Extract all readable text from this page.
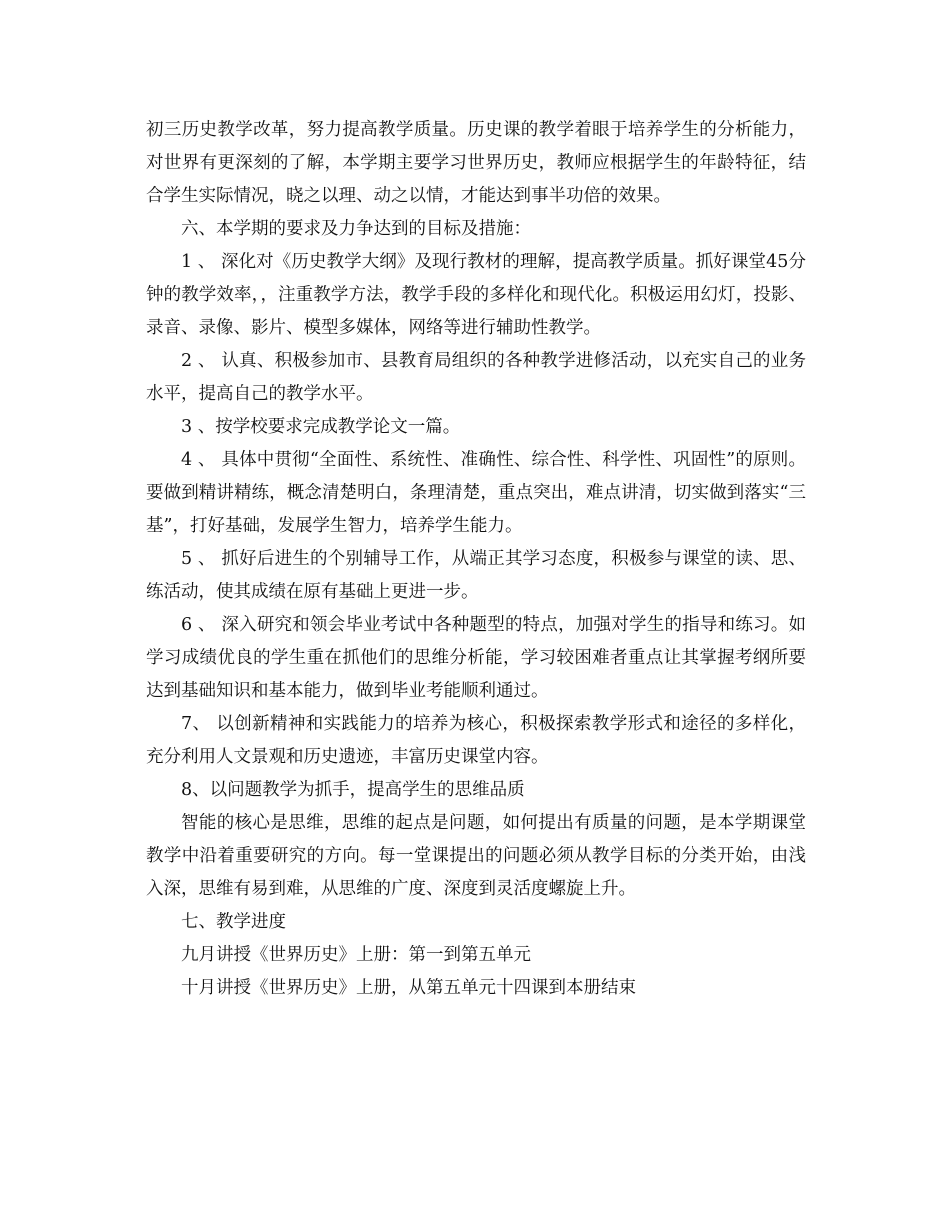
初三历史教学改革，努力提高教学质量。历史课的教学着眼于培养学生的分析能力，对世界有更深刻的了解，本学期主要学习世界历史，教师应根据学生的年龄特征，结合学生实际情况，晓之以理、动之以情，才能达到事半功倍的效果。

六、本学期的要求及力争达到的目标及措施：

1 、 深化对《历史教学大纲》及现行教材的理解，提高教学质量。抓好课堂45分钟的教学效率，，注重教学方法，教学手段的多样化和现代化。积极运用幻灯，投影、录音、录像、影片、模型多媒体，网络等进行辅助性教学。

2 、 认真、积极参加市、县教育局组织的各种教学进修活动，以充实自己的业务水平，提高自己的教学水平。

3 、按学校要求完成教学论文一篇。

4 、 具体中贯彻“全面性、系统性、准确性、综合性、科学性、巩固性”的原则。要做到精讲精练，概念清楚明白，条理清楚，重点突出，难点讲清，切实做到落实“三基”，打好基础，发展学生智力，培养学生能力。

5 、 抓好后进生的个别辅导工作，从端正其学习态度，积极参与课堂的读、思、练活动，使其成绩在原有基础上更进一步。

6 、 深入研究和领会毕业考试中各种题型的特点，加强对学生的指导和练习。如学习成绩优良的学生重在抓他们的思维分析能，学习较困难者重点让其掌握考纲所要达到基础知识和基本能力，做到毕业考能顺利通过。

7、 以创新精神和实践能力的培养为核心，积极探索教学形式和途径的多样化，充分利用人文景观和历史遗迹，丰富历史课堂内容。

8、以问题教学为抓手，提高学生的思维品质

智能的核心是思维，思维的起点是问题，如何提出有质量的问题，是本学期课堂教学中沿着重要研究的方向。每一堂课提出的问题必须从教学目标的分类开始，由浅入深，思维有易到难，从思维的广度、深度到灵活度螺旋上升。

七、教学进度

九月讲授《世界历史》上册：第一到第五单元

十月讲授《世界历史》上册，从第五单元十四课到本册结束
